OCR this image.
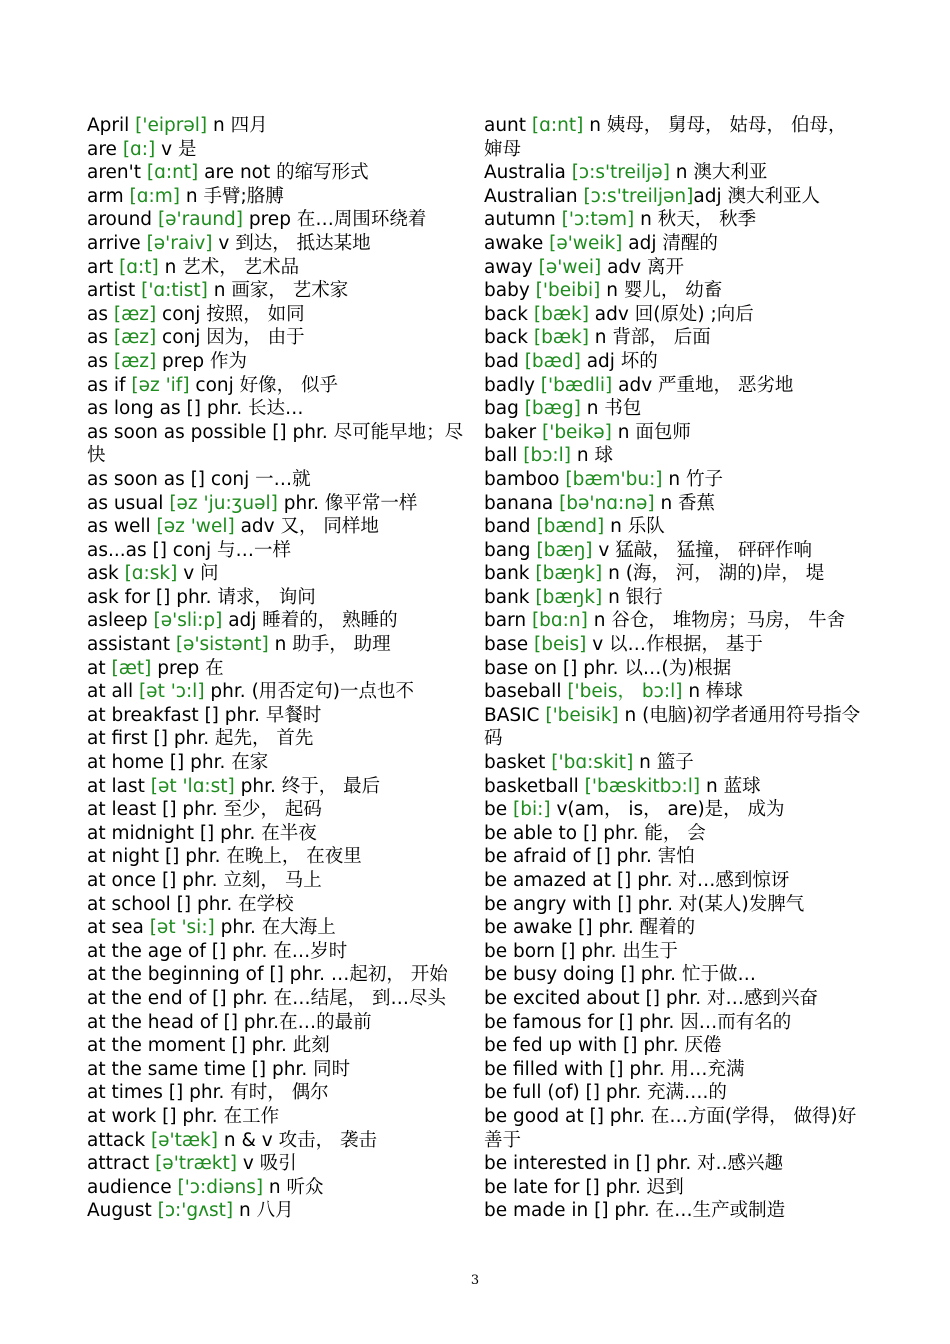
April ['eiprəl] n 四月

are [ɑ:] v 是

aren't [ɑ:nt] are not 的缩写形式

arm [ɑ:m] n 手臂;胳膊

around [ə'raund] prep 在…周围环绕着

arrive [ə'raiv] v 到达， 抵达某地

art [ɑ:t] n 艺术， 艺术品

artist ['ɑ:tist] n 画家， 艺术家

as [æz] conj 按照， 如同

as [æz] conj 因为， 由于

as [æz] prep 作为

as if [əz 'if] conj 好像， 似乎

as long as [] phr. 长达…

as soon as possible [] phr. 尽可能早地；尽快

as soon as [] conj 一…就

as usual [əz 'ju:ʒuəl] phr. 像平常一样

as well [əz 'wel] adv 又， 同样地

as...as [] conj 与…一样

ask [ɑ:sk] v 问

ask for [] phr. 请求， 询问

asleep [ə'sli:p] adj 睡着的， 熟睡的

assistant [ə'sistənt] n 助手， 助理

at [æt] prep 在

at all [ət 'ɔ:l] phr. (用否定句)一点也不

at breakfast [] phr. 早餐时

at first [] phr. 起先， 首先

at home [] phr. 在家

at last [ət 'lɑ:st] phr. 终于， 最后

at least [] phr. 至少， 起码

at midnight [] phr. 在半夜

at night [] phr. 在晚上， 在夜里

at once [] phr. 立刻， 马上

at school [] phr. 在学校

at sea [ət 'si:] phr. 在大海上

at the age of [] phr. 在…岁时

at the beginning of [] phr. …起初， 开始

at the end of [] phr. 在…结尾， 到…尽头

at the head of [] phr.在…的最前

at the moment [] phr. 此刻

at the same time [] phr. 同时

at times [] phr. 有时， 偶尔

at work [] phr. 在工作

attack [ə'tæk] n & v 攻击， 袭击

attract [ə'trækt] v 吸引

audience ['ɔ:diəns] n 听众

August [ɔ:'gʌst] n 八月

aunt [ɑ:nt] n 姨母， 舅母， 姑母， 伯母， 婶母

Australia [ɔ:s'treiljə] n 澳大利亚

Australian [ɔ:s'treiljən]adj 澳大利亚人

autumn ['ɔ:təm] n 秋天， 秋季

awake [ə'weik] adj 清醒的

away [ə'wei] adv 离开

baby ['beibi] n 婴儿， 幼畜

back [bæk] adv 回(原处) ;向后

back [bæk] n 背部， 后面

bad [bæd] adj 坏的

badly ['bædli] adv 严重地， 恶劣地

bag [bæg] n 书包

baker ['beikə] n 面包师

ball [bɔ:l] n 球

bamboo [bæm'bu:] n 竹子

banana [bə'nɑ:nə] n 香蕉

band [bænd] n 乐队

bang [bæŋ] v 猛敲， 猛撞， 砰砰作响

bank [bæŋk] n (海， 河， 湖的)岸， 堤

bank [bæŋk] n 银行

barn [bɑ:n] n 谷仓， 堆物房；马房， 牛舍

base [beis] v 以…作根据， 基于

base on [] phr. 以…(为)根据

baseball ['beis， bɔ:l] n 棒球

BASIC ['beisik] n (电脑)初学者通用符号指令码

basket ['bɑ:skit] n 篮子

basketball ['bæskitbɔ:l] n 蓝球

be [bi:] v(am， is， are)是， 成为

be able to [] phr. 能， 会

be afraid of [] phr. 害怕

be amazed at [] phr. 对…感到惊讶

be angry with [] phr. 对(某人)发脾气

be awake [] phr. 醒着的

be born [] phr. 出生于

be busy doing [] phr. 忙于做…

be excited about [] phr. 对…感到兴奋

be famous for [] phr. 因…而有名的

be fed up with [] phr. 厌倦

be filled with [] phr. 用…充满

be full (of) [] phr. 充满….的

be good at [] phr. 在…方面(学得， 做得)好善于

be interested in [] phr. 对..感兴趣

be late for [] phr. 迟到

be made in [] phr. 在…生产或制造

3
